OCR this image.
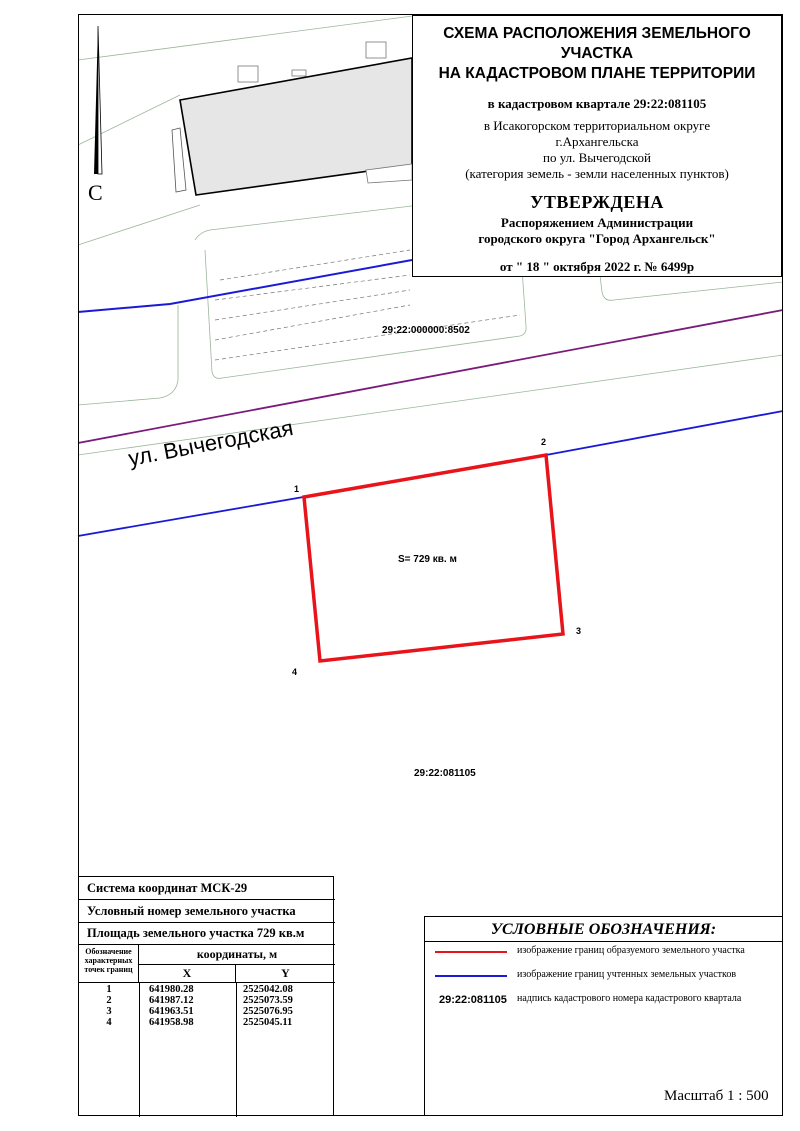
29:22:000000:8502
ул. Вычегодская
S= 729 кв. м
29:22:081105
1
2
3
4
С
СХЕМА РАСПОЛОЖЕНИЯ ЗЕМЕЛЬНОГО УЧАСТКА
НА КАДАСТРОВОМ ПЛАНЕ ТЕРРИТОРИИ
в кадастровом квартале 29:22:081105
в Исакогорском территориальном округе
г.Архангельска
по ул. Вычегодской
(категория земель - земли населенных пунктов)
УТВЕРЖДЕНА
Распоряжением Администрации
городского округа "Город Архангельск"
от " 18 " октября 2022 г. № 6499р
Система координат МСК-29
Условный номер земельного участка
Площадь земельного участка 729 кв.м
Обозначение характерных точек границ
координаты, м
X	Y
1	641980.28	2525042.08
2	641987.12	2525073.59
3	641963.51	2525076.95
4	641958.98	2525045.11
УСЛОВНЫЕ ОБОЗНАЧЕНИЯ:
изображение границ образуемого земельного участка
изображение границ учтенных земельных участков
29:22:081105 надпись кадастрового номера кадастрового квартала
Масштаб 1 : 500
